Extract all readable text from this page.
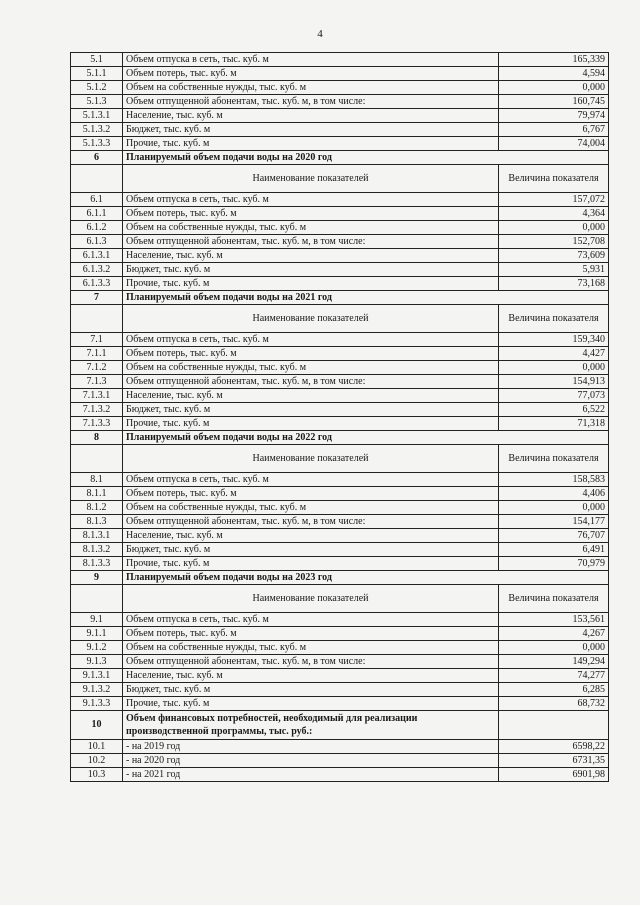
4
5.1	Объем отпуска в сеть, тыс. куб. м	165,339
5.1.1	Объем потерь, тыс. куб. м	4,594
5.1.2	Объем на собственные нужды, тыс. куб. м	0,000
5.1.3	Объем отпущенной абонентам, тыс. куб. м, в том числе:	160,745
5.1.3.1	Население, тыс. куб. м	79,974
5.1.3.2	Бюджет, тыс. куб. м	6,767
5.1.3.3	Прочие, тыс. куб. м	74,004
6	Планируемый объем подачи воды на 2020 год	
	Наименование показателей	Величина показателя
6.1	Объем отпуска в сеть, тыс. куб. м	157,072
6.1.1	Объем потерь, тыс. куб. м	4,364
6.1.2	Объем на собственные нужды, тыс. куб. м	0,000
6.1.3	Объем отпущенной абонентам, тыс. куб. м, в том числе:	152,708
6.1.3.1	Население, тыс. куб. м	73,609
6.1.3.2	Бюджет, тыс. куб. м	5,931
6.1.3.3	Прочие, тыс. куб. м	73,168
7	Планируемый объем подачи воды на 2021 год	
	Наименование показателей	Величина показателя
7.1	Объем отпуска в сеть, тыс. куб. м	159,340
7.1.1	Объем потерь, тыс. куб. м	4,427
7.1.2	Объем на собственные нужды, тыс. куб. м	0,000
7.1.3	Объем отпущенной абонентам, тыс. куб. м, в том числе:	154,913
7.1.3.1	Население, тыс. куб. м	77,073
7.1.3.2	Бюджет, тыс. куб. м	6,522
7.1.3.3	Прочие, тыс. куб. м	71,318
8	Планируемый объем подачи воды на 2022 год	
	Наименование показателей	Величина показателя
8.1	Объем отпуска в сеть, тыс. куб. м	158,583
8.1.1	Объем потерь, тыс. куб. м	4,406
8.1.2	Объем на собственные нужды, тыс. куб. м	0,000
8.1.3	Объем отпущенной абонентам, тыс. куб. м, в том числе:	154,177
8.1.3.1	Население, тыс. куб. м	76,707
8.1.3.2	Бюджет, тыс. куб. м	6,491
8.1.3.3	Прочие, тыс. куб. м	70,979
9	Планируемый объем подачи воды на 2023 год	
	Наименование показателей	Величина показателя
9.1	Объем отпуска в сеть, тыс. куб. м	153,561
9.1.1	Объем потерь, тыс. куб. м	4,267
9.1.2	Объем на собственные нужды, тыс. куб. м	0,000
9.1.3	Объем отпущенной абонентам, тыс. куб. м, в том числе:	149,294
9.1.3.1	Население, тыс. куб. м	74,277
9.1.3.2	Бюджет, тыс. куб. м	6,285
9.1.3.3	Прочие, тыс. куб. м	68,732
10	Объем финансовых потребностей, необходимый для реализации производственной программы, тыс. руб.:	
10.1	- на 2019 год	6598,22
10.2	- на 2020 год	6731,35
10.3	- на 2021 год	6901,98
